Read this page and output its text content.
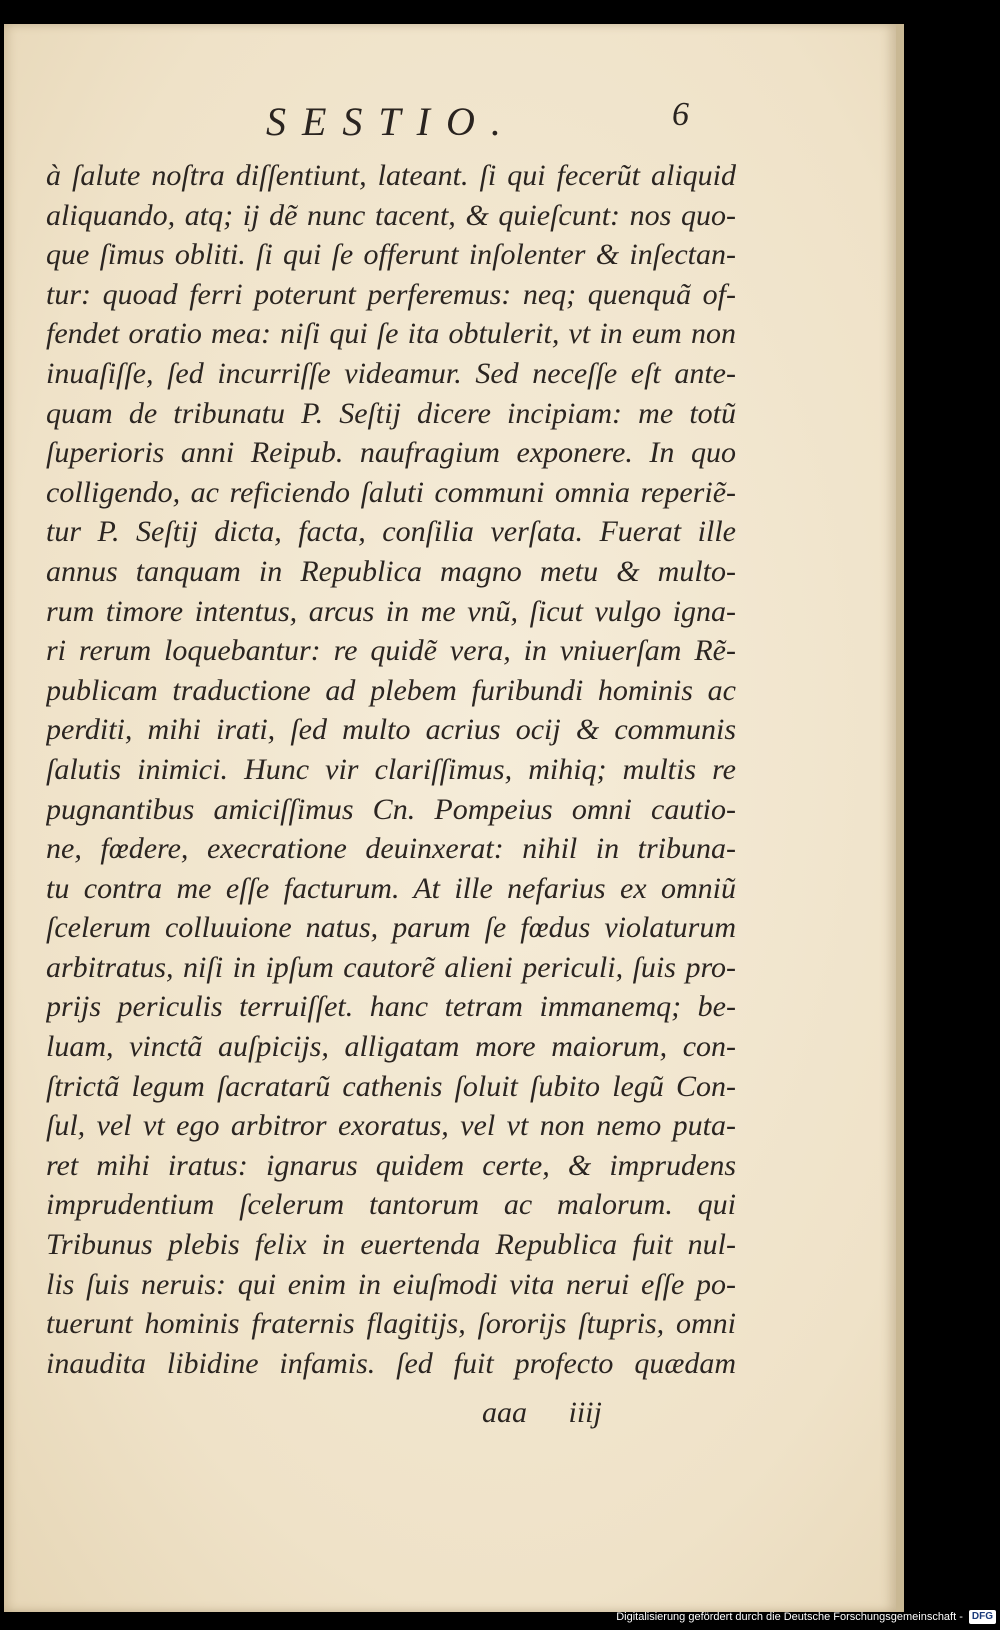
SESTIO.	6
à ſalute noſtra diſſentiunt, lateant. ſi qui fecerũt aliquid
aliquando, atq; ij dẽ nunc tacent, & quieſcunt: nos quo-
que ſimus obliti. ſi qui ſe offerunt inſolenter & inſectan-
tur: quoad ferri poterunt perferemus: neq; quenquã of-
fendet oratio mea: niſi qui ſe ita obtulerit, vt in eum non
inuaſiſſe, ſed incurriſſe videamur. Sed neceſſe eſt ante-
quam de tribunatu P. Seſtij dicere incipiam: me totũ
ſuperioris anni Reipub. naufragium exponere. In quo
colligendo, ac reficiendo ſaluti communi omnia reperiẽ-
tur P. Seſtij dicta, facta, conſilia verſata. Fuerat ille
annus tanquam in Republica magno metu & multo-
rum timore intentus, arcus in me vnũ, ſicut vulgo igna-
ri rerum loquebantur: re quidẽ vera, in vniuerſam Rẽ-
publicam traductione ad plebem furibundi hominis ac
perditi, mihi irati, ſed multo acrius ocij & communis
ſalutis inimici. Hunc vir clariſſimus, mihiq; multis re
pugnantibus amiciſſimus Cn. Pompeius omni cautio-
ne, fœdere, execratione deuinxerat: nihil in tribuna-
tu contra me eſſe facturum. At ille nefarius ex omniũ
ſcelerum colluuione natus, parum ſe fœdus violaturum
arbitratus, niſi in ipſum cautorẽ alieni periculi, ſuis pro-
prijs periculis terruiſſet. hanc tetram immanemq; be-
luam, vinctã auſpicijs, alligatam more maiorum, con-
ſtrictã legum ſacratarũ cathenis ſoluit ſubito legũ Con-
ſul, vel vt ego arbitror exoratus, vel vt non nemo puta-
ret mihi iratus: ignarus quidem certe, & imprudens
imprudentium ſcelerum tantorum ac malorum. qui
Tribunus plebis felix in euertenda Republica fuit nul-
lis ſuis neruis: qui enim in eiuſmodi vita nerui eſſe po-
tuerunt hominis fraternis flagitijs, ſororijs ſtupris, omni
inaudita libidine infamis. ſed fuit profecto quædam
aaa iiij
Digitalisierung gefördert durch die Deutsche Forschungsgemeinschaft - DFG
